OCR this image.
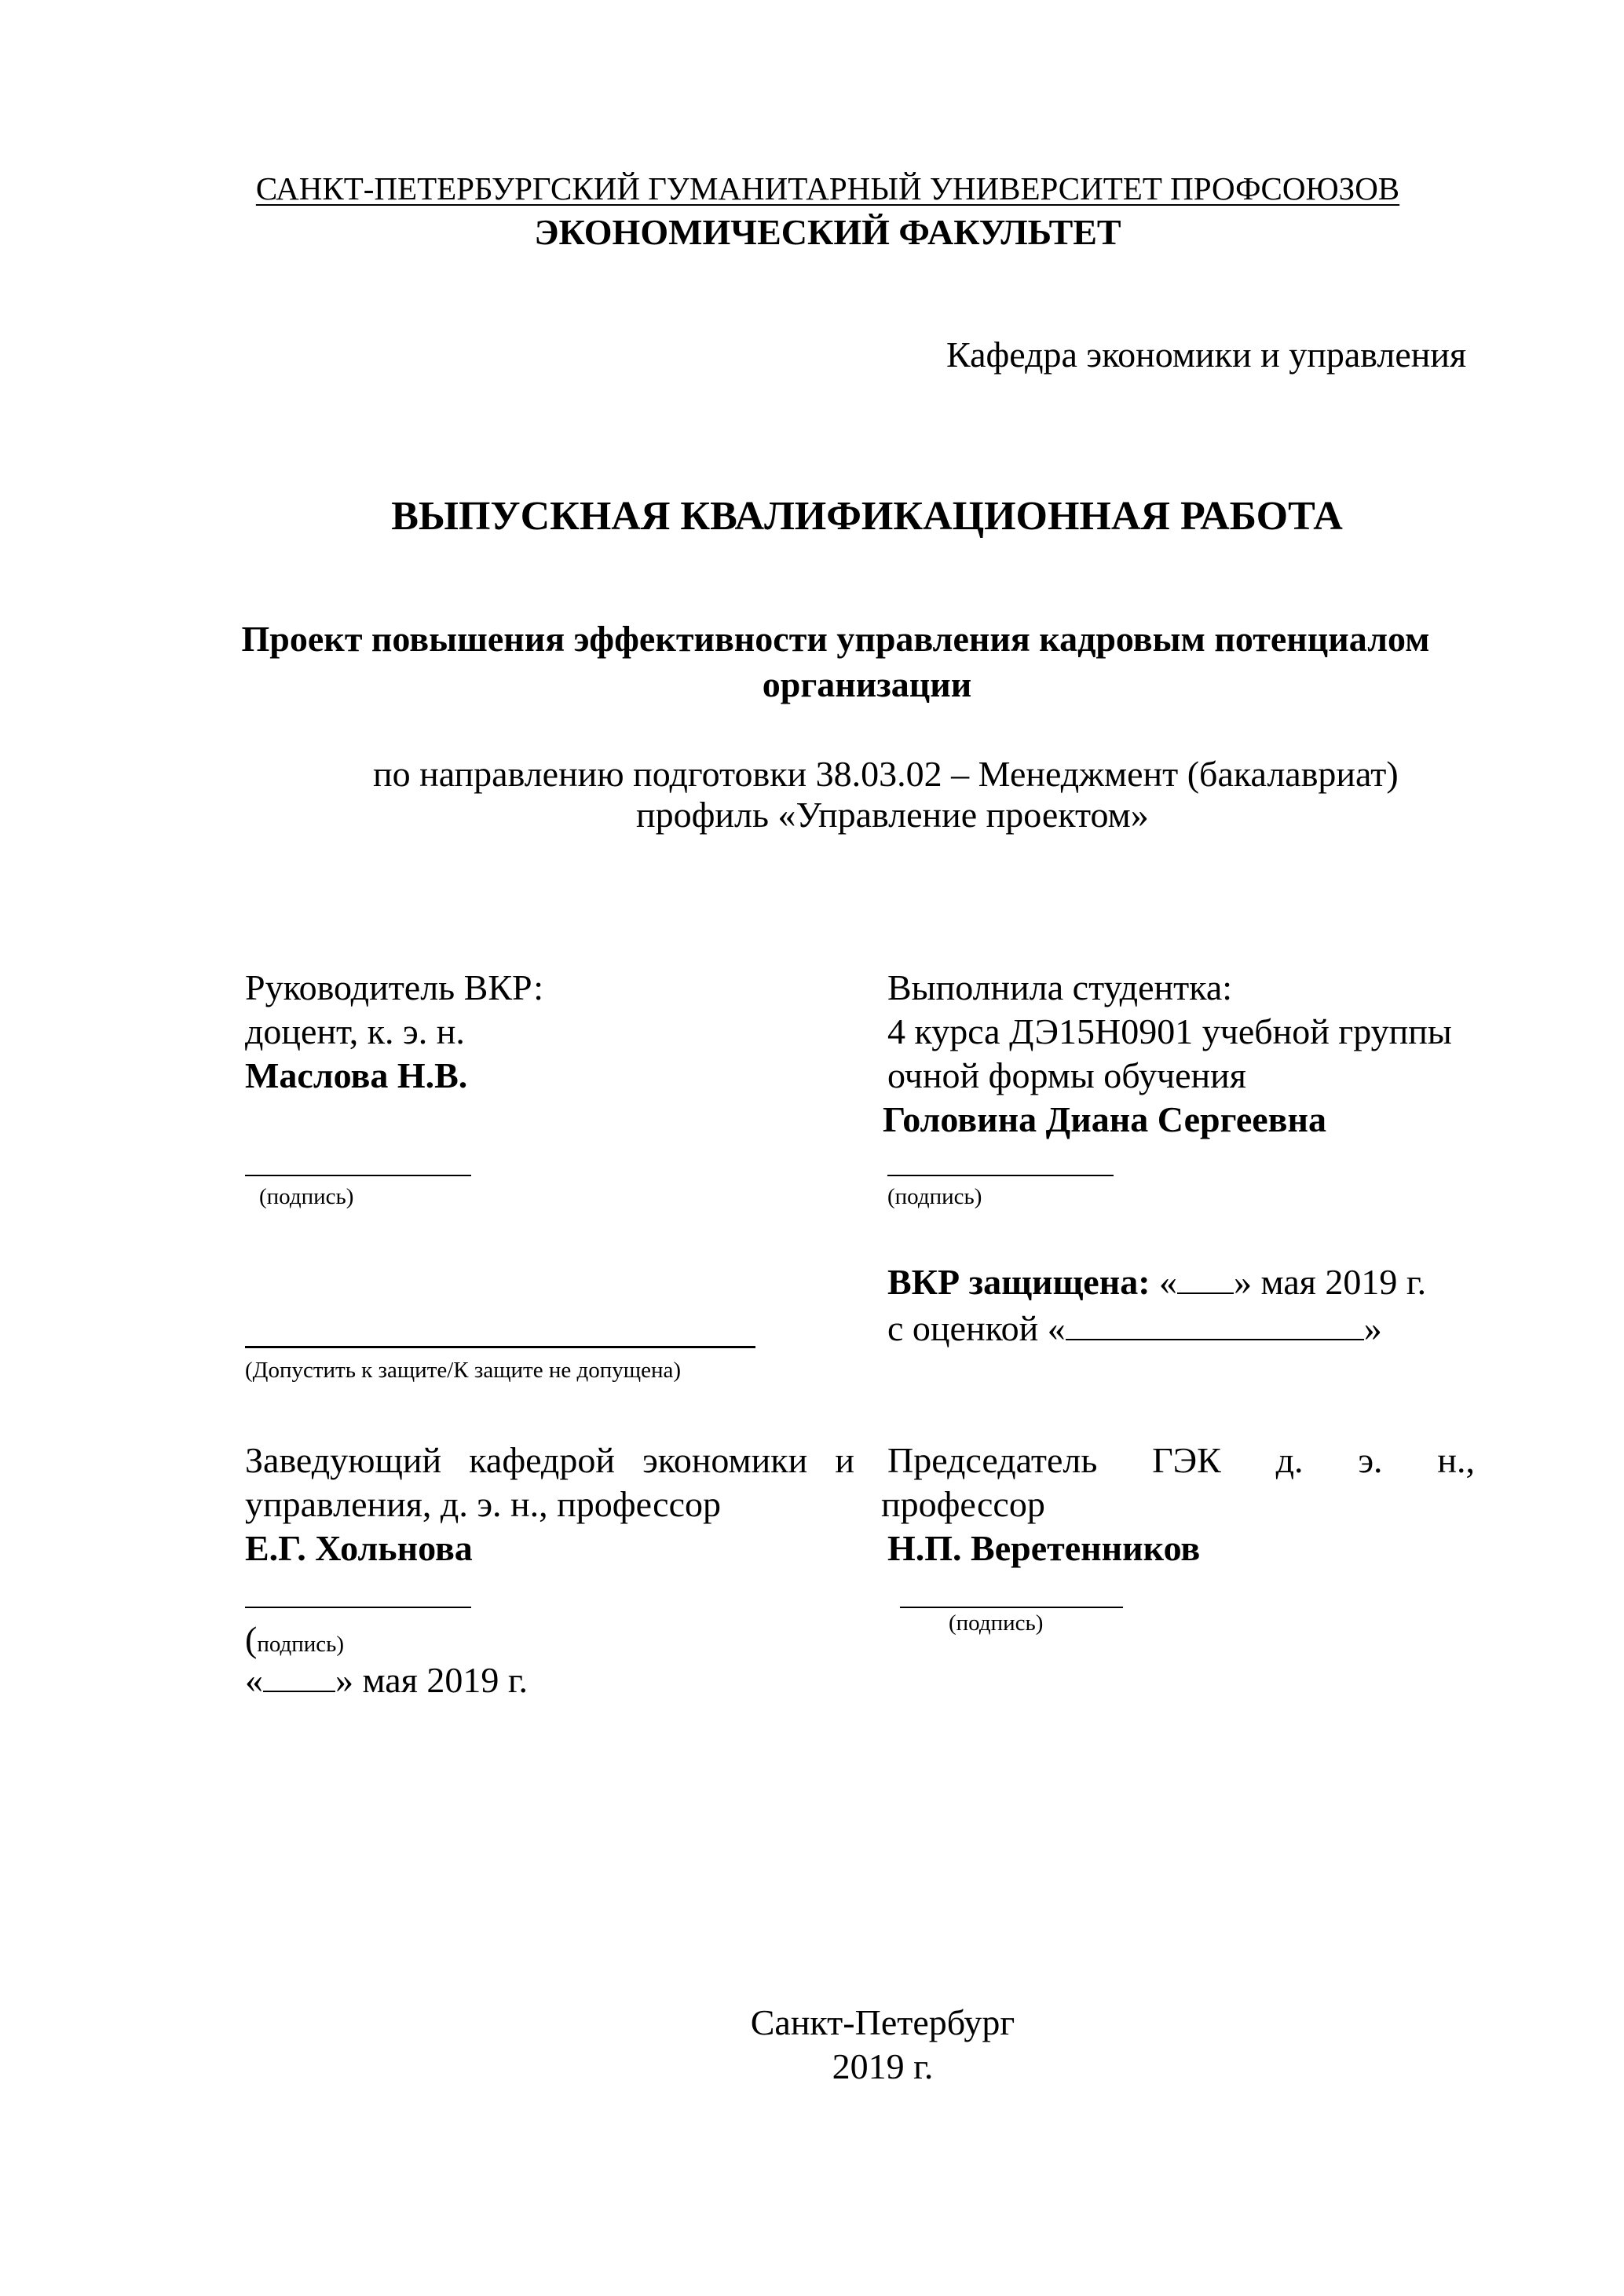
САНКТ-ПЕТЕРБУРГСКИЙ ГУМАНИТАРНЫЙ УНИВЕРСИТЕТ ПРОФСОЮЗОВ
ЭКОНОМИЧЕСКИЙ ФАКУЛЬТЕТ
Кафедра экономики и управления
ВЫПУСКНАЯ КВАЛИФИКАЦИОННАЯ РАБОТА
Проект повышения эффективности управления кадровым потенциалом
организации
по направлению подготовки 38.03.02 – Менеджмент (бакалавриат)
профиль «Управление проектом»
Руководитель ВКР:
доцент, к. э. н.
Маслова Н.В.
(подпись)
Выполнила студентка:
4 курса ДЭ15Н0901 учебной группы
очной формы обучения
Головина Диана Сергеевна
(подпись)
ВКР защищена: « » мая 2019 г.
с оценкой «	»
(Допустить к защите/К защите не допущена)
Заведующий кафедрой экономики и
управления, д. э. н., профессор
Е.Г. Хольнова
(подпись)
« » мая 2019 г.
Председатель ГЭК д. э. н.,
профессор
Н.П. Веретенников
(подпись)
Санкт-Петербург
2019 г.
